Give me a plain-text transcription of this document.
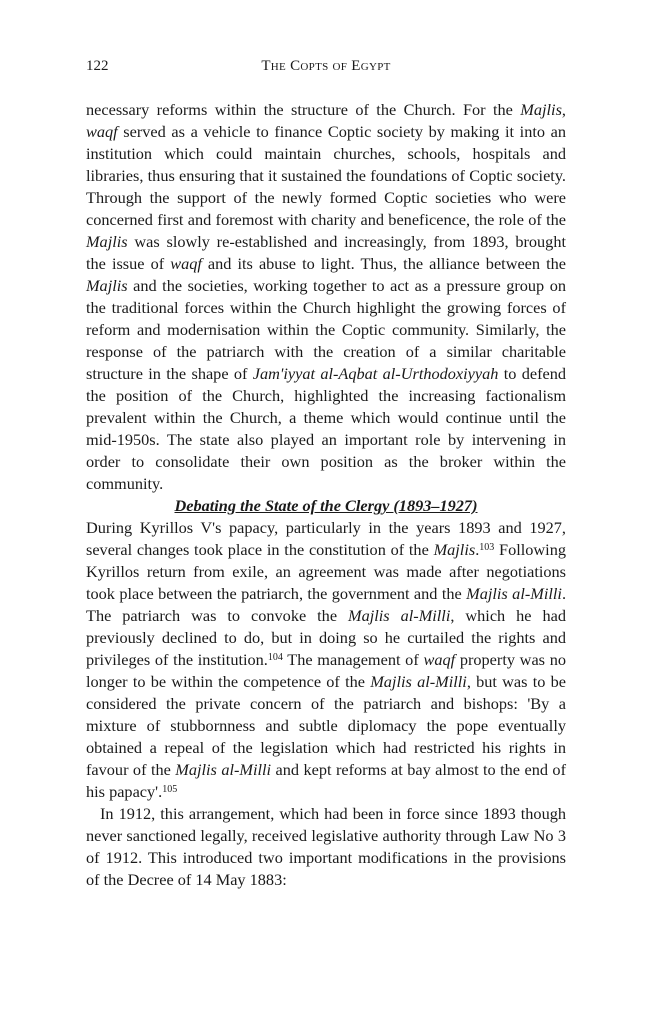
122	The Copts of Egypt

necessary reforms within the structure of the Church. For the Majlis, waqf served as a vehicle to finance Coptic society by making it into an institution which could maintain churches, schools, hospitals and libraries, thus ensuring that it sustained the foundations of Coptic society. Through the support of the newly formed Coptic societies who were concerned first and foremost with charity and beneficence, the role of the Majlis was slowly re-established and increasingly, from 1893, brought the issue of waqf and its abuse to light. Thus, the alliance between the Majlis and the societies, working together to act as a pressure group on the traditional forces within the Church highlight the growing forces of reform and modernisation within the Coptic community. Similarly, the response of the patriarch with the creation of a similar charitable structure in the shape of Jam'iyyat al-Aqbat al-Urthodoxiyyah to defend the position of the Church, highlighted the increasing factionalism prevalent within the Church, a theme which would continue until the mid-1950s. The state also played an important role by intervening in order to consolidate their own position as the broker within the community.

Debating the State of the Clergy (1893–1927)

During Kyrillos V's papacy, particularly in the years 1893 and 1927, several changes took place in the constitution of the Majlis.$^{103}$ Following Kyrillos return from exile, an agreement was made after negotiations took place between the patriarch, the government and the Majlis al-Milli. The patriarch was to convoke the Majlis al-Milli, which he had previously declined to do, but in doing so he curtailed the rights and privileges of the institution.$^{104}$ The management of waqf property was no longer to be within the competence of the Majlis al-Milli, but was to be considered the private concern of the patriarch and bishops: 'By a mixture of stubbornness and subtle diplomacy the pope eventually obtained a repeal of the legislation which had restricted his rights in favour of the Majlis al-Milli and kept reforms at bay almost to the end of his papacy'.$^{105}$

In 1912, this arrangement, which had been in force since 1893 though never sanctioned legally, received legislative authority through Law No 3 of 1912. This introduced two important modifications in the provisions of the Decree of 14 May 1883:
